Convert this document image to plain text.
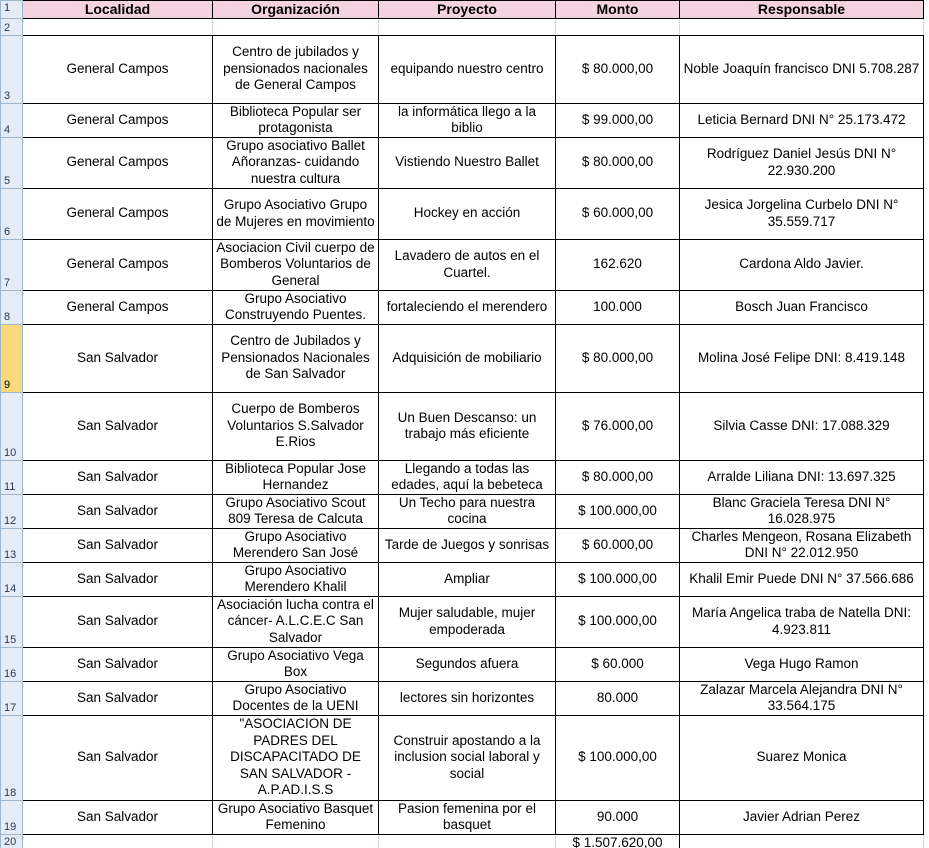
1	Localidad	Organización	Proyecto	Monto	Responsable
2					
3	General Campos	Centro de jubilados y pensionados nacionales de General Campos	equipando nuestro centro	$ 80.000,00	Noble Joaquín francisco DNI 5.708.287
4	General Campos	Biblioteca Popular ser protagonista	la informática llego a la biblio	$ 99.000,00	Leticia Bernard DNI N° 25.173.472
5	General Campos	Grupo asociativo Ballet Añoranzas- cuidando nuestra cultura	Vistiendo Nuestro Ballet	$ 80.000,00	Rodríguez Daniel Jesús DNI N° 22.930.200
6	General Campos	Grupo Asociativo Grupo de Mujeres en movimiento	Hockey en acción	$ 60.000,00	Jesica Jorgelina Curbelo DNI N° 35.559.717
7	General Campos	Asociacion Civil cuerpo de Bomberos Voluntarios de General	Lavadero de autos en el Cuartel.	162.620	Cardona Aldo Javier.
8	General Campos	Grupo Asociativo Construyendo Puentes.	fortaleciendo el merendero	100.000	Bosch Juan Francisco
9	San Salvador	Centro de Jubilados y Pensionados Nacionales de San Salvador	Adquisición de mobiliario	$ 80.000,00	Molina José Felipe DNI: 8.419.148
10	San Salvador	Cuerpo de Bomberos Voluntarios S.Salvador E.Rios	Un Buen Descanso: un trabajo más eficiente	$ 76.000,00	Silvia Casse DNI: 17.088.329
11	San Salvador	Biblioteca Popular Jose Hernandez	Llegando a todas las edades, aquí la bebeteca	$ 80.000,00	Arralde Liliana DNI: 13.697.325
12	San Salvador	Grupo Asociativo Scout 809 Teresa de Calcuta	Un Techo para nuestra cocina	$ 100.000,00	Blanc Graciela Teresa DNI N° 16.028.975
13	San Salvador	Grupo Asociativo Merendero San José	Tarde de Juegos y sonrisas	$ 60.000,00	Charles Mengeon, Rosana Elizabeth DNI N° 22.012.950
14	San Salvador	Grupo Asociativo Merendero Khalil	Ampliar	$ 100.000,00	Khalil Emir Puede DNI N° 37.566.686
15	San Salvador	Asociación lucha contra el cáncer- A.L.C.E.C San Salvador	Mujer saludable, mujer empoderada	$ 100.000,00	María Angelica traba de Natella DNI: 4.923.811
16	San Salvador	Grupo Asociativo Vega Box	Segundos afuera	$ 60.000	Vega Hugo Ramon
17	San Salvador	Grupo Asociativo Docentes de la UENI	lectores sin horizontes	80.000	Zalazar Marcela Alejandra DNI N° 33.564.175
18	San Salvador	"ASOCIACION DE PADRES DEL DISCAPACITADO DE SAN SALVADOR - A.P.AD.I.S.S	Construir apostando a la inclusion social laboral y social	$ 100.000,00	Suarez Monica
19	San Salvador	Grupo Asociativo Basquet Femenino	Pasion femenina por el basquet	90.000	Javier Adrian Perez
20				$ 1.507.620,00	
